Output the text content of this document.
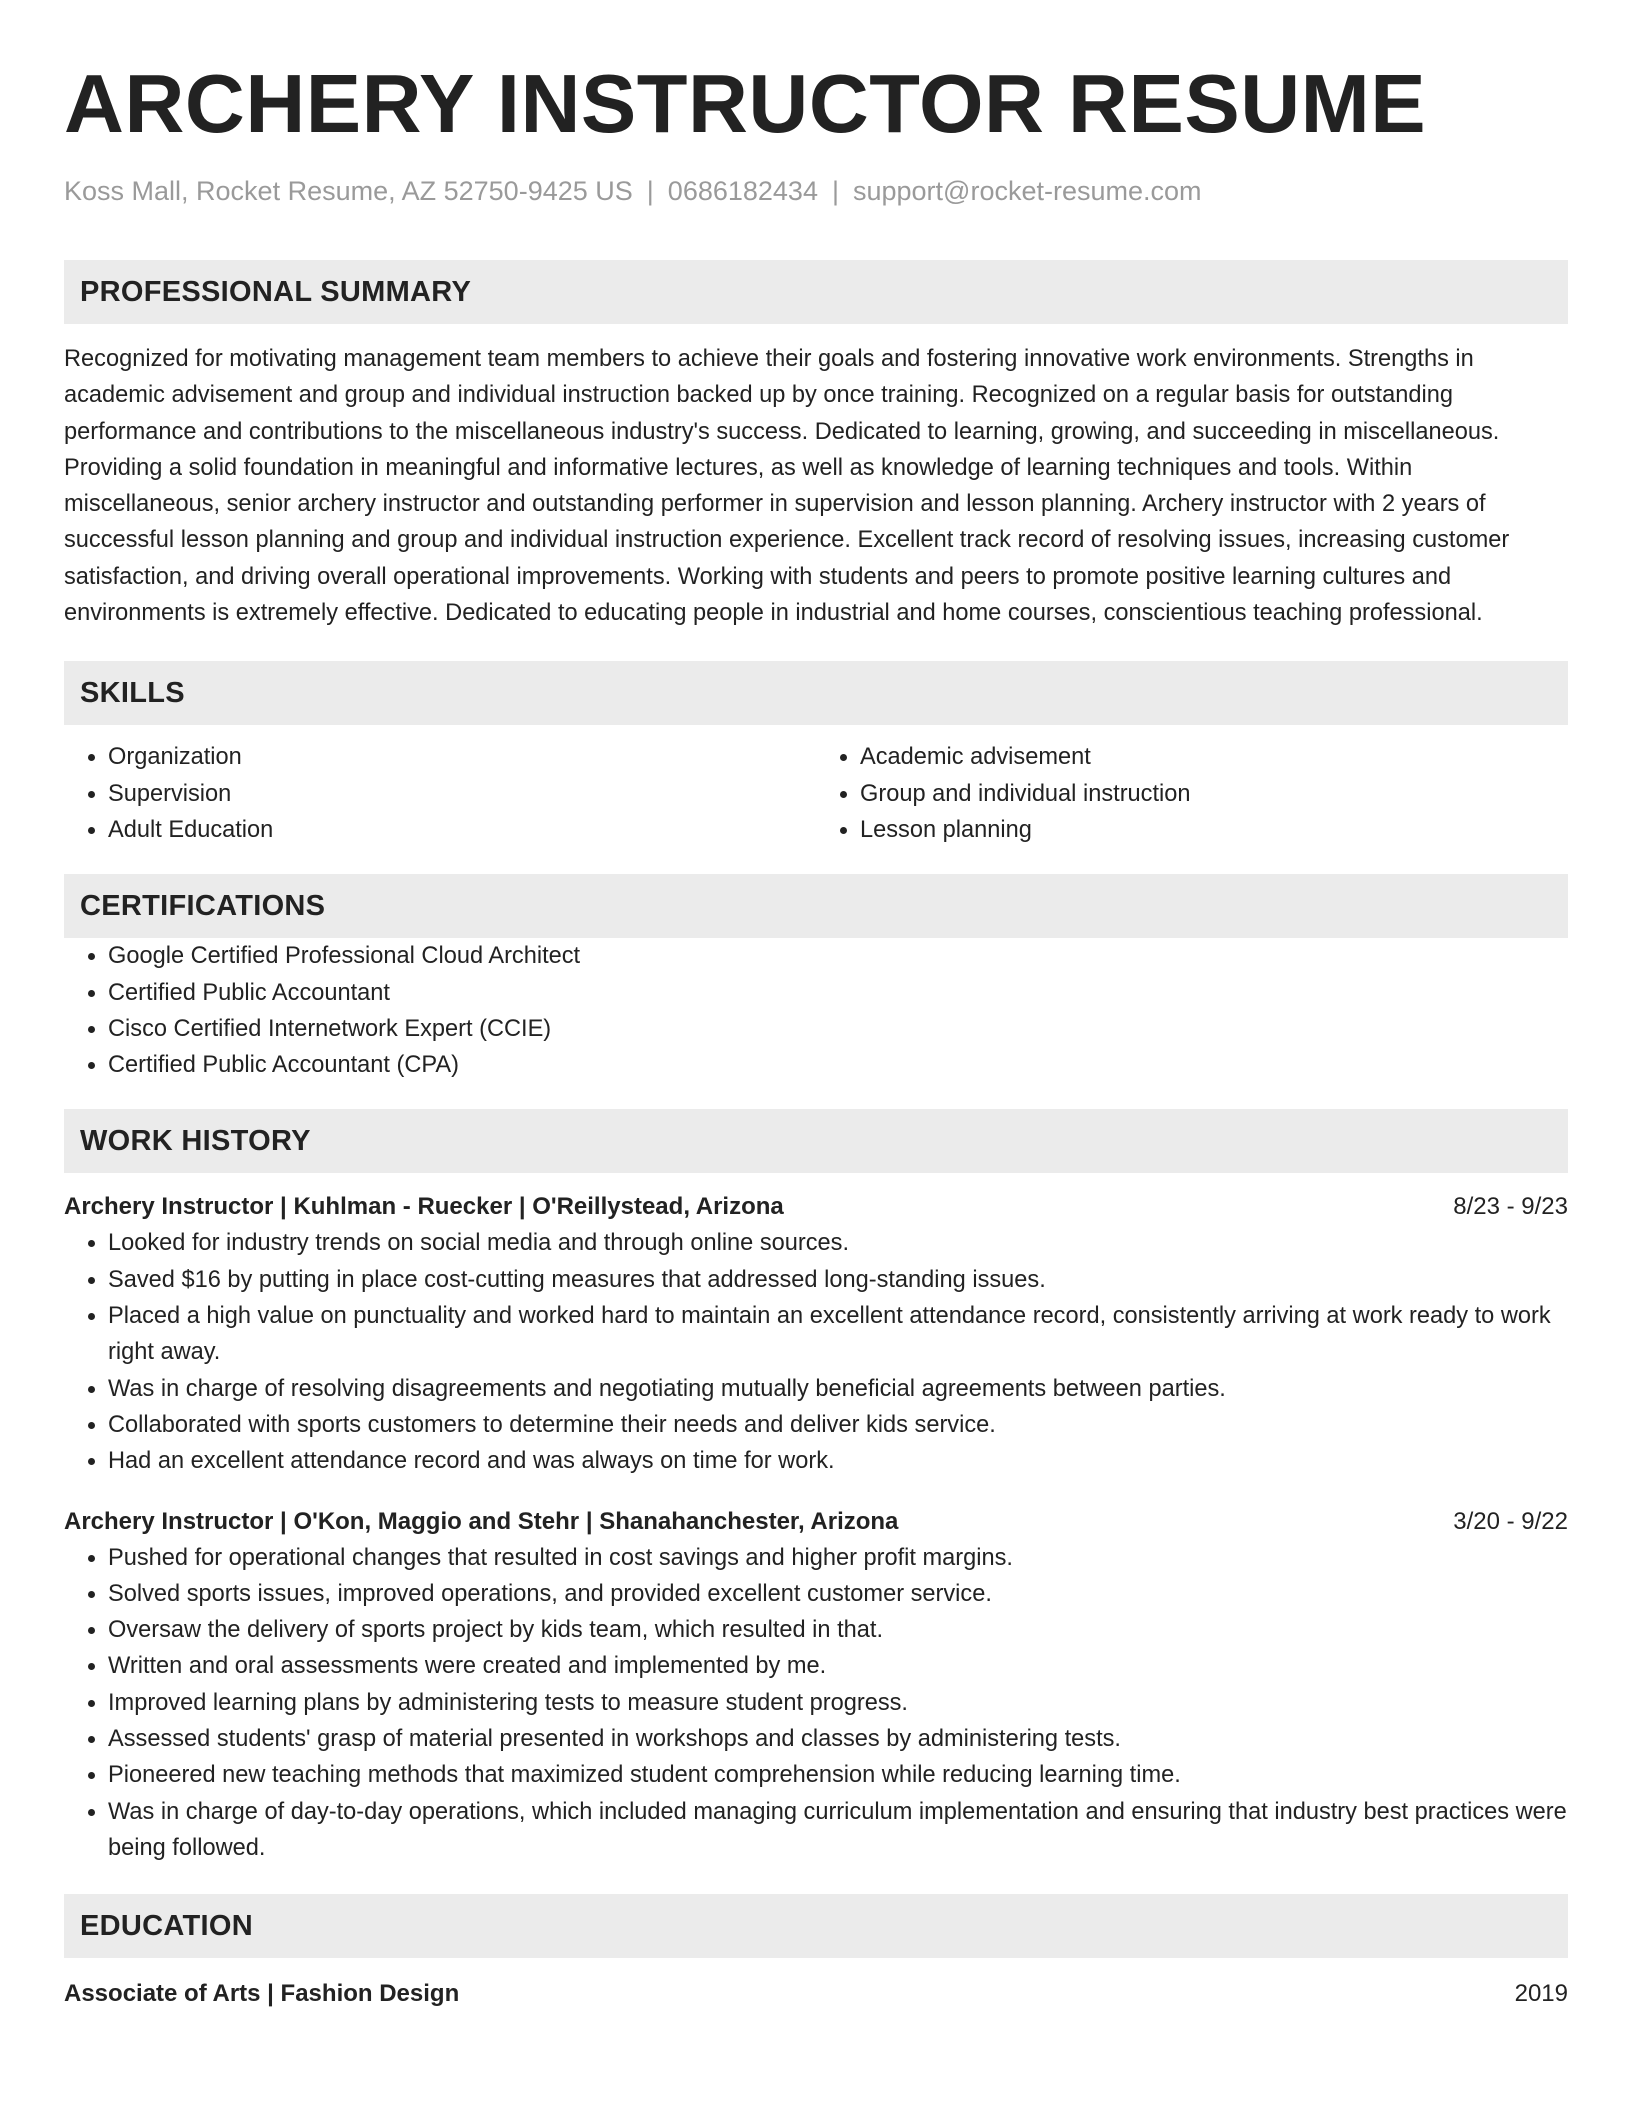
ARCHERY INSTRUCTOR RESUME
Koss Mall, Rocket Resume, AZ 52750-9425 US | 0686182434 | support@rocket-resume.com
PROFESSIONAL SUMMARY

Recognized for motivating management team members to achieve their goals and fostering innovative work environments. Strengths in academic advisement and group and individual instruction backed up by once training. Recognized on a regular basis for outstanding performance and contributions to the miscellaneous industry's success. Dedicated to learning, growing, and succeeding in miscellaneous. Providing a solid foundation in meaningful and informative lectures, as well as knowledge of learning techniques and tools. Within miscellaneous, senior archery instructor and outstanding performer in supervision and lesson planning. Archery instructor with 2 years of successful lesson planning and group and individual instruction experience. Excellent track record of resolving issues, increasing customer satisfaction, and driving overall operational improvements. Working with students and peers to promote positive learning cultures and environments is extremely effective. Dedicated to educating people in industrial and home courses, conscientious teaching professional.

SKILLS
• Organization
• Supervision
• Adult Education
• Academic advisement
• Group and individual instruction
• Lesson planning
CERTIFICATIONS
• Google Certified Professional Cloud Architect
• Certified Public Accountant
• Cisco Certified Internetwork Expert (CCIE)
• Certified Public Accountant (CPA)
WORK HISTORY
Archery Instructor | Kuhlman - Ruecker | O'Reillystead, Arizona	8/23 - 9/23
• Looked for industry trends on social media and through online sources.
• Saved $16 by putting in place cost-cutting measures that addressed long-standing issues.
• Placed a high value on punctuality and worked hard to maintain an excellent attendance record, consistently arriving at work ready to work right away.
• Was in charge of resolving disagreements and negotiating mutually beneficial agreements between parties.
• Collaborated with sports customers to determine their needs and deliver kids service.
• Had an excellent attendance record and was always on time for work.
Archery Instructor | O'Kon, Maggio and Stehr | Shanahanchester, Arizona	3/20 - 9/22
• Pushed for operational changes that resulted in cost savings and higher profit margins.
• Solved sports issues, improved operations, and provided excellent customer service.
• Oversaw the delivery of sports project by kids team, which resulted in that.
• Written and oral assessments were created and implemented by me.
• Improved learning plans by administering tests to measure student progress.
• Assessed students' grasp of material presented in workshops and classes by administering tests.
• Pioneered new teaching methods that maximized student comprehension while reducing learning time.
• Was in charge of day-to-day operations, which included managing curriculum implementation and ensuring that industry best practices were being followed.
EDUCATION
Associate of Arts | Fashion Design	2019
